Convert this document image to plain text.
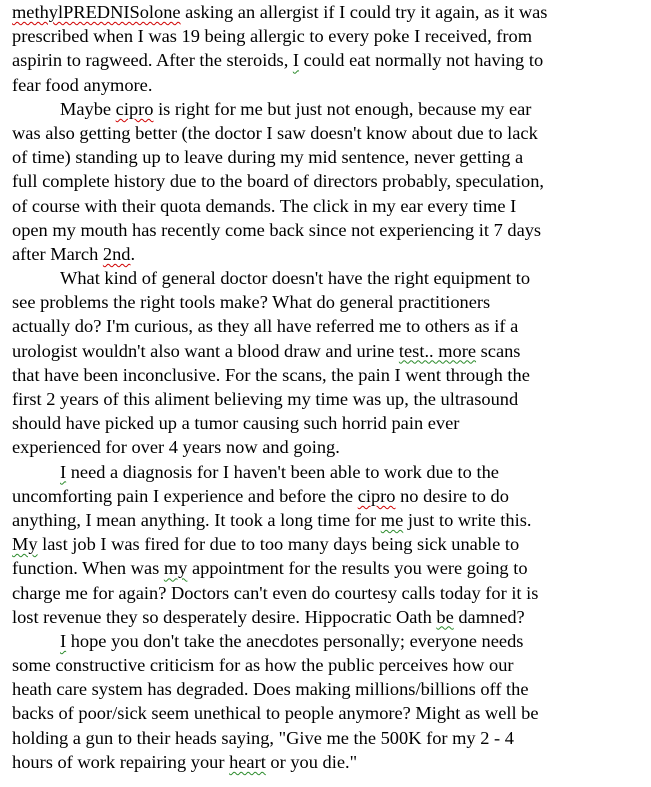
methylPREDNISolone asking an allergist if I could try it again, as it was
prescribed when I was 19 being allergic to every poke I received, from
aspirin to ragweed. After the steroids, I could eat normally not having to
fear food anymore.
Maybe cipro is right for me but just not enough, because my ear
was also getting better (the doctor I saw doesn't know about due to lack
of time) standing up to leave during my mid sentence, never getting a
full complete history due to the board of directors probably, speculation,
of course with their quota demands. The click in my ear every time I
open my mouth has recently come back since not experiencing it 7 days
after March 2nd.
What kind of general doctor doesn't have the right equipment to
see problems the right tools make? What do general practitioners
actually do? I'm curious, as they all have referred me to others as if a
urologist wouldn't also want a blood draw and urine test.. more scans
that have been inconclusive. For the scans, the pain I went through the
first 2 years of this aliment believing my time was up, the ultrasound
should have picked up a tumor causing such horrid pain ever
experienced for over 4 years now and going.
I need a diagnosis for I haven't been able to work due to the
uncomforting pain I experience and before the cipro no desire to do
anything, I mean anything. It took a long time for me just to write this.
My last job I was fired for due to too many days being sick unable to
function. When was my appointment for the results you were going to
charge me for again? Doctors can't even do courtesy calls today for it is
lost revenue they so desperately desire. Hippocratic Oath be damned?
I hope you don't take the anecdotes personally; everyone needs
some constructive criticism for as how the public perceives how our
heath care system has degraded. Does making millions/billions off the
backs of poor/sick seem unethical to people anymore? Might as well be
holding a gun to their heads saying, "Give me the 500K for my 2 - 4
hours of work repairing your heart or you die."
